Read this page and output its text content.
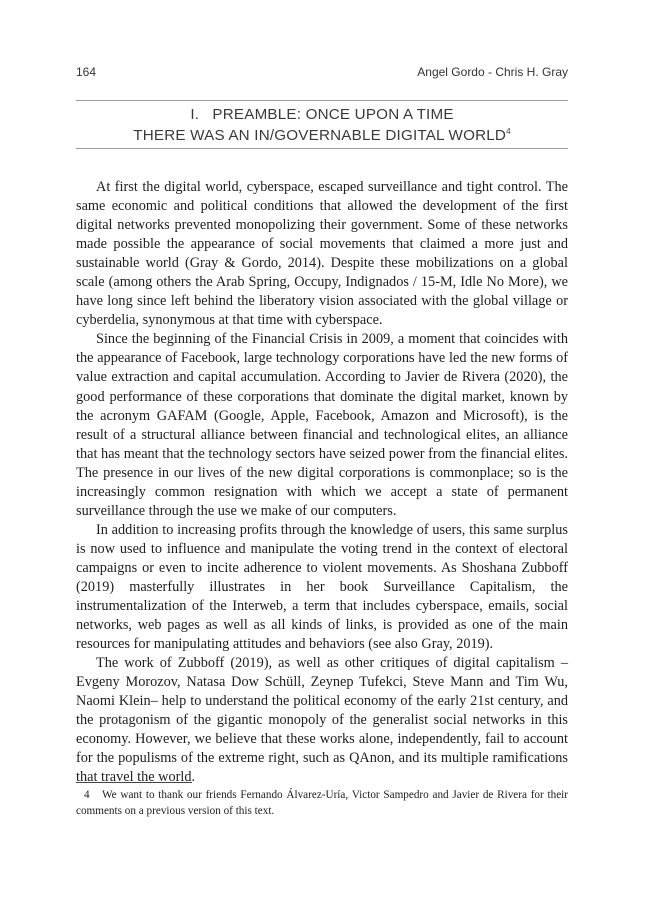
164	Angel Gordo - Chris H. Gray
I.   PREAMBLE: ONCE UPON A TIME
THERE WAS AN IN/GOVERNABLE DIGITAL WORLD$^4$

At first the digital world, cyberspace, escaped surveillance and tight control. The same economic and political conditions that allowed the development of the first digital networks prevented monopolizing their government. Some of these networks made possible the appearance of social movements that claimed a more just and sustainable world (Gray & Gordo, 2014). Despite these mobilizations on a global scale (among others the Arab Spring, Occupy, Indignados / 15-M, Idle No More), we have long since left behind the liberatory vision associated with the global village or cyberdelia, synonymous at that time with cyberspace.

Since the beginning of the Financial Crisis in 2009, a moment that coincides with the appearance of Facebook, large technology corporations have led the new forms of value extraction and capital accumulation. According to Javier de Rivera (2020), the good performance of these corporations that dominate the digital market, known by the acronym GAFAM (Google, Apple, Facebook, Amazon and Microsoft), is the result of a structural alliance between financial and technological elites, an alliance that has meant that the technology sectors have seized power from the financial elites. The presence in our lives of the new digital corporations is commonplace; so is the increasingly common resignation with which we accept a state of permanent surveillance through the use we make of our computers.

In addition to increasing profits through the knowledge of users, this same surplus is now used to influence and manipulate the voting trend in the context of electoral campaigns or even to incite adherence to violent movements. As Shoshana Zubboff (2019) masterfully illustrates in her book Surveillance Capitalism, the instrumentalization of the Interweb, a term that includes cyberspace, emails, social networks, web pages as well as all kinds of links, is provided as one of the main resources for manipulating attitudes and behaviors (see also Gray, 2019).

The work of Zubboff (2019), as well as other critiques of digital capitalism – Evgeny Morozov, Natasa Dow Schüll, Zeynep Tufekci, Steve Mann and Tim Wu, Naomi Klein– help to understand the political economy of the early 21st century, and the protagonism of the gigantic monopoly of the generalist social networks in this economy. However, we believe that these works alone, independently, fail to account for the populisms of the extreme right, such as QAnon, and its multiple ramifications that travel the world.

4 We want to thank our friends Fernando Álvarez-Uría, Victor Sampedro and Javier de Rivera for their comments on a previous version of this text.
